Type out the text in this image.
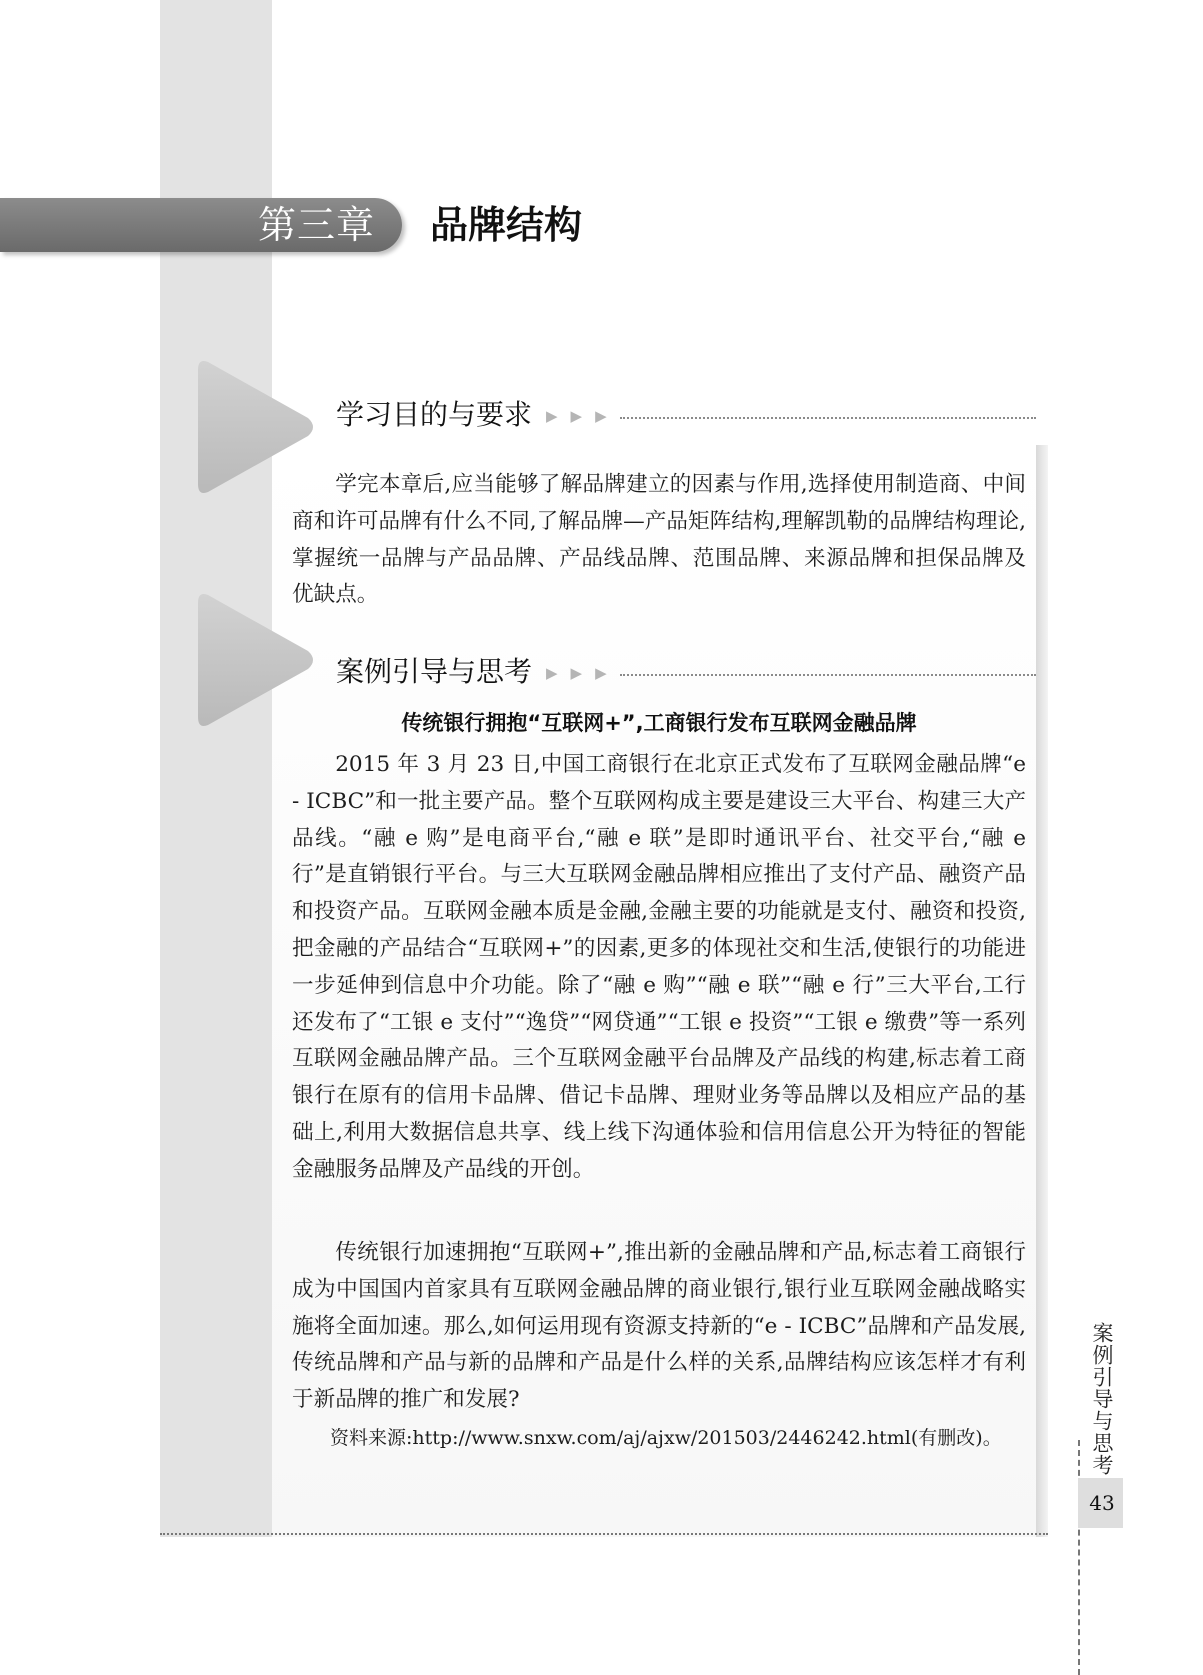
第三章 品牌结构
学习目的与要求 ▶▶▶

学完本章后,应当能够了解品牌建立的因素与作用,选择使用制造商、中间商和许可品牌有什么不同,了解品牌—产品矩阵结构,理解凯勒的品牌结构理论,掌握统一品牌与产品品牌、产品线品牌、范围品牌、来源品牌和担保品牌及优缺点。

案例引导与思考 ▶▶▶
传统银行拥抱“互联网+”,工商银行发布互联网金融品牌

2015 年 3 月 23 日,中国工商银行在北京正式发布了互联网金融品牌“e - ICBC”和一批主要产品。整个互联网构成主要是建设三大平台、构建三大产品线。“融 e 购”是电商平台,“融 e 联”是即时通讯平台、社交平台,“融 e 行”是直销银行平台。与三大互联网金融品牌相应推出了支付产品、融资产品和投资产品。互联网金融本质是金融,金融主要的功能就是支付、融资和投资,把金融的产品结合“互联网+”的因素,更多的体现社交和生活,使银行的功能进一步延伸到信息中介功能。除了“融 e 购”“融 e 联”“融 e 行”三大平台,工行还发布了“工银 e 支付”“逸贷”“网贷通”“工银 e 投资”“工银 e 缴费”等一系列互联网金融品牌产品。三个互联网金融平台品牌及产品线的构建,标志着工商银行在原有的信用卡品牌、借记卡品牌、理财业务等品牌以及相应产品的基础上,利用大数据信息共享、线上线下沟通体验和信用信息公开为特征的智能金融服务品牌及产品线的开创。

传统银行加速拥抱“互联网+”,推出新的金融品牌和产品,标志着工商银行成为中国国内首家具有互联网金融品牌的商业银行,银行业互联网金融战略实施将全面加速。那么,如何运用现有资源支持新的“e - ICBC”品牌和产品发展,传统品牌和产品与新的品牌和产品是什么样的关系,品牌结构应该怎样才有利于新品牌的推广和发展?

资料来源:http://www.snxw.com/aj/ajxw/201503/2446242.html(有删改)。	案例引导与思考
43
